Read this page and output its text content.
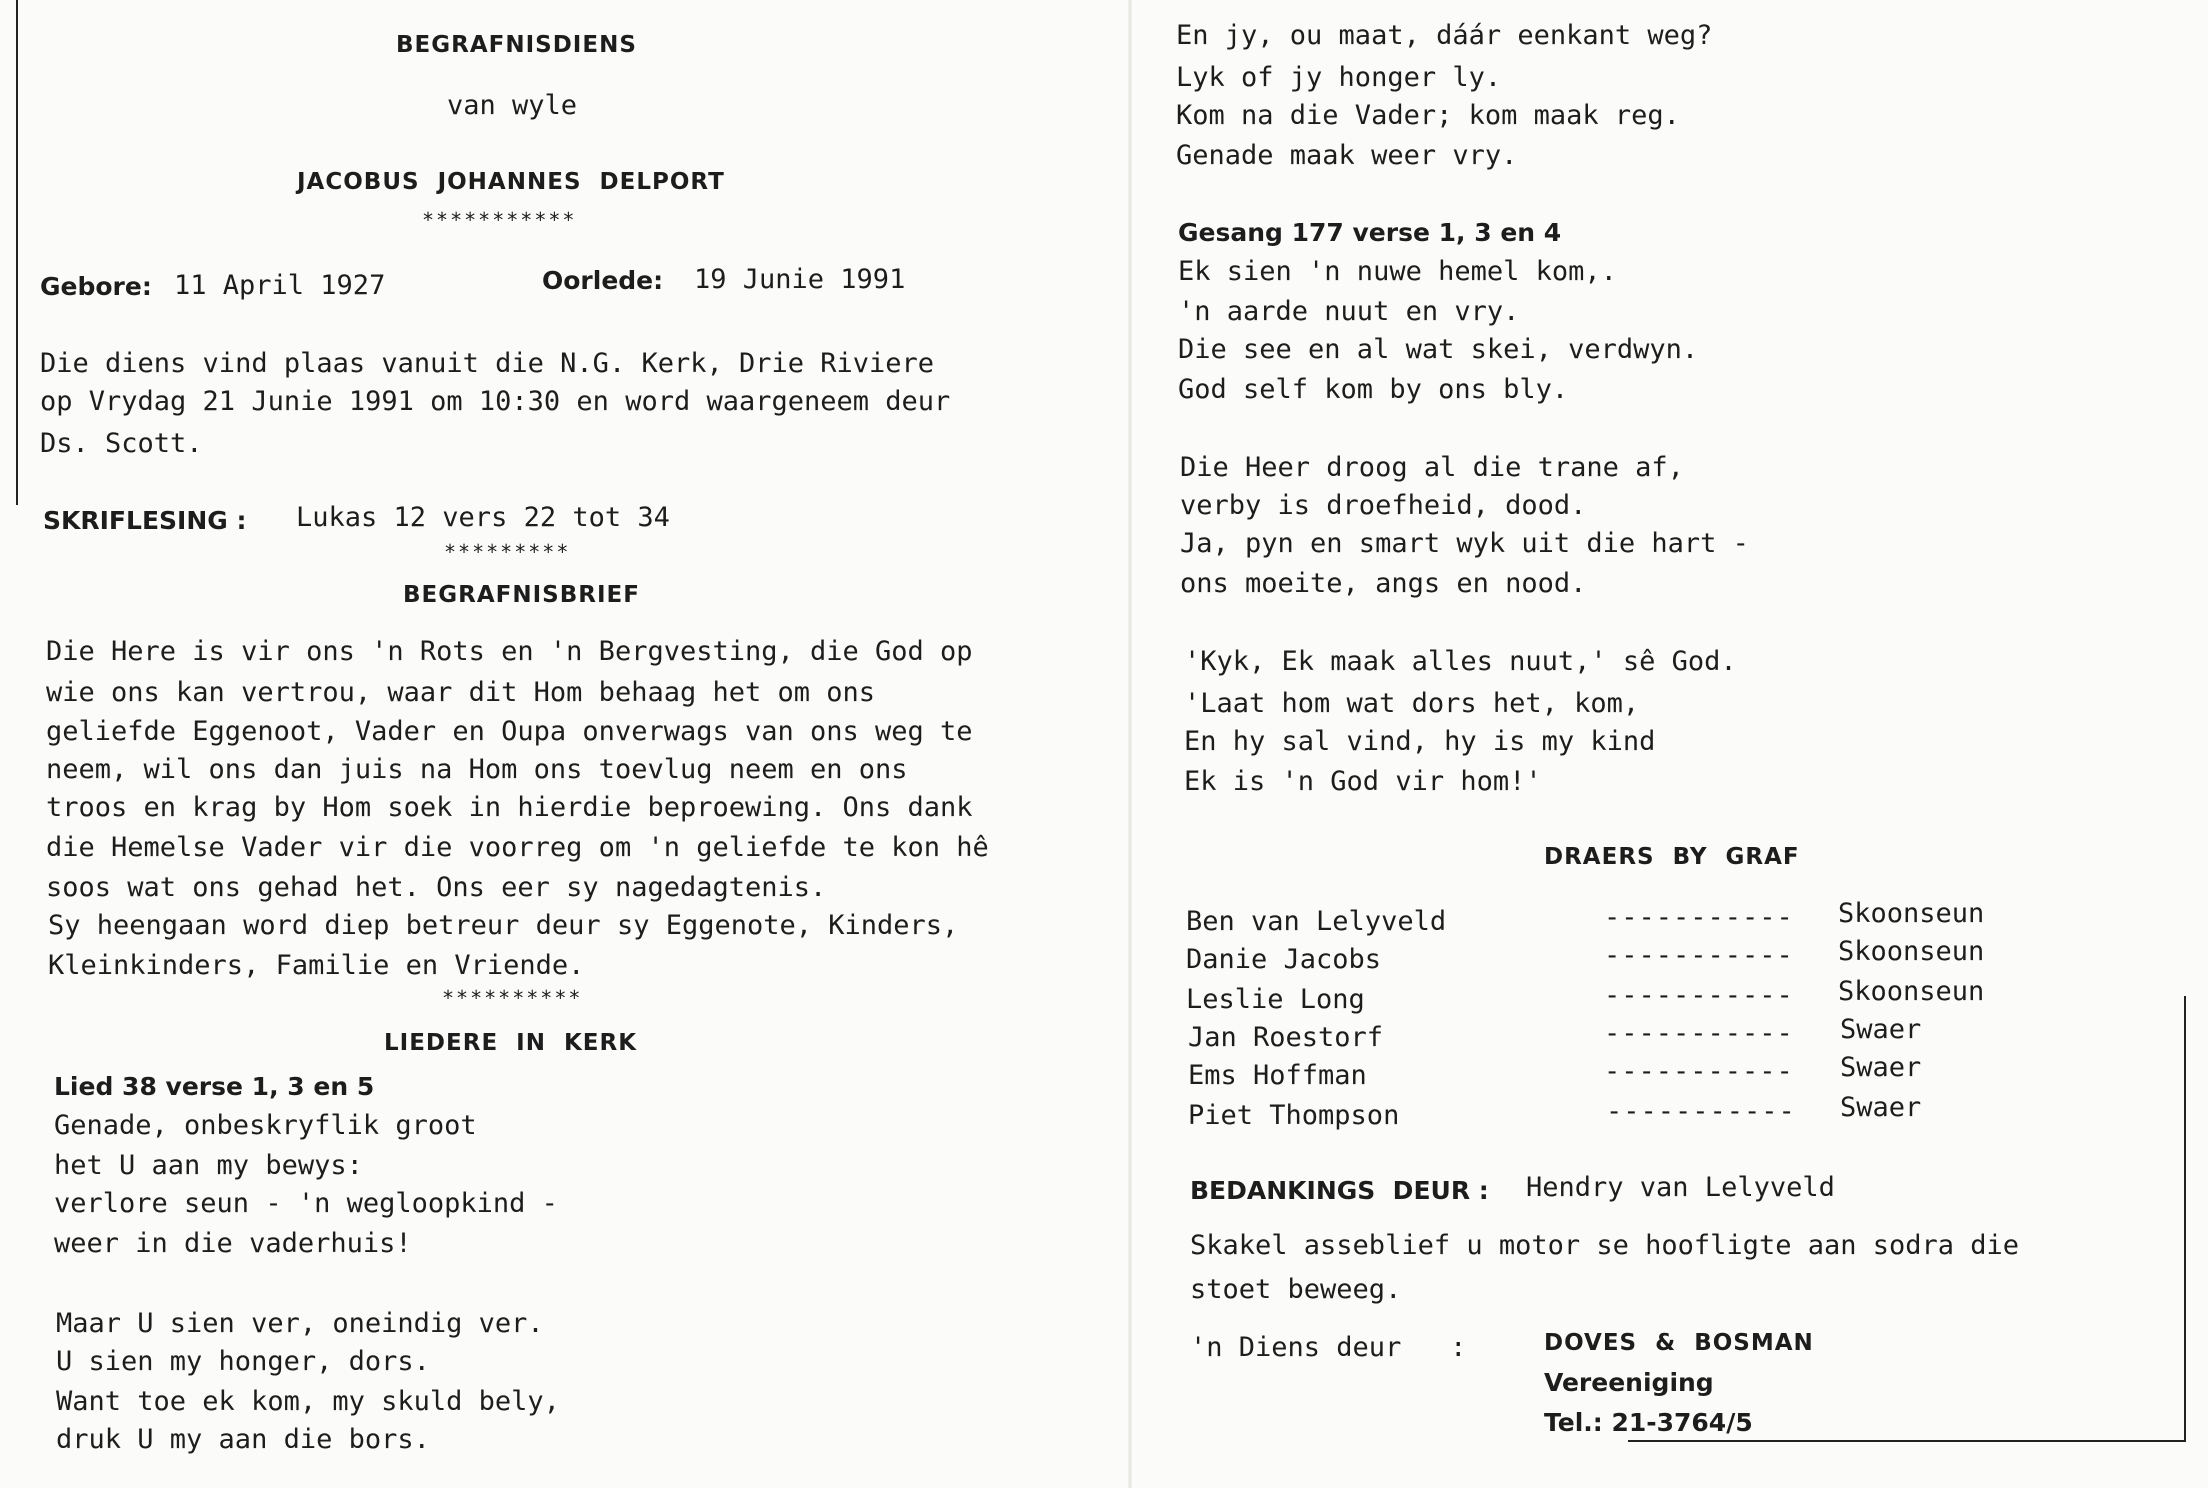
BEGRAFNISDIENS
van wyle
JACOBUS  JOHANNES  DELPORT
***********
Gebore: 11 April 1927	Oorlede: 19 Junie 1991
Die diens vind plaas vanuit die N.G. Kerk, Drie Riviere
op Vrydag 21 Junie 1991 om 10:30 en word waargeneem deur
Ds. Scott.
SKRIFLESING : Lukas 12 vers 22 tot 34
*********
BEGRAFNISBRIEF
Die Here is vir ons 'n Rots en 'n Bergvesting, die God op
wie ons kan vertrou, waar dit Hom behaag het om ons
geliefde Eggenoot, Vader en Oupa onverwags van ons weg te
neem, wil ons dan juis na Hom ons toevlug neem en ons
troos en krag by Hom soek in hierdie beproewing. Ons dank
die Hemelse Vader vir die voorreg om 'n geliefde te kon hê
soos wat ons gehad het. Ons eer sy nagedagtenis.
Sy heengaan word diep betreur deur sy Eggenote, Kinders,
Kleinkinders, Familie en Vriende.
**********
LIEDERE  IN  KERK
Lied 38 verse 1, 3 en 5
Genade, onbeskryflik groot
het U aan my bewys:
verlore seun - 'n wegloopkind -
weer in die vaderhuis!
Maar U sien ver, oneindig ver.
U sien my honger, dors.
Want toe ek kom, my skuld bely,
druk U my aan die bors.
En jy, ou maat, dáár eenkant weg?
Lyk of jy honger ly.
Kom na die Vader; kom maak reg.
Genade maak weer vry.
Gesang 177 verse 1, 3 en 4
Ek sien 'n nuwe hemel kom,.
'n aarde nuut en vry.
Die see en al wat skei, verdwyn.
God self kom by ons bly.
Die Heer droog al die trane af,
verby is droefheid, dood.
Ja, pyn en smart wyk uit die hart -
ons moeite, angs en nood.
'Kyk, Ek maak alles nuut,' sê God.
'Laat hom wat dors het, kom,
En hy sal vind, hy is my kind
Ek is 'n God vir hom!'
DRAERS  BY  GRAF
Ben van Lelyveld	----------- Skoonseun
Danie Jacobs	----------- Skoonseun
Leslie Long	----------- Skoonseun
Jan Roestorf	----------- Swaer
Ems Hoffman	----------- Swaer
Piet Thompson	----------- Swaer
BEDANKINGS  DEUR : Hendry van Lelyveld
Skakel asseblief u motor se hoofligte aan sodra die
stoet beweeg.
'n Diens deur   :	DOVES  &  BOSMAN
Vereeniging
Tel.: 21-3764/5
